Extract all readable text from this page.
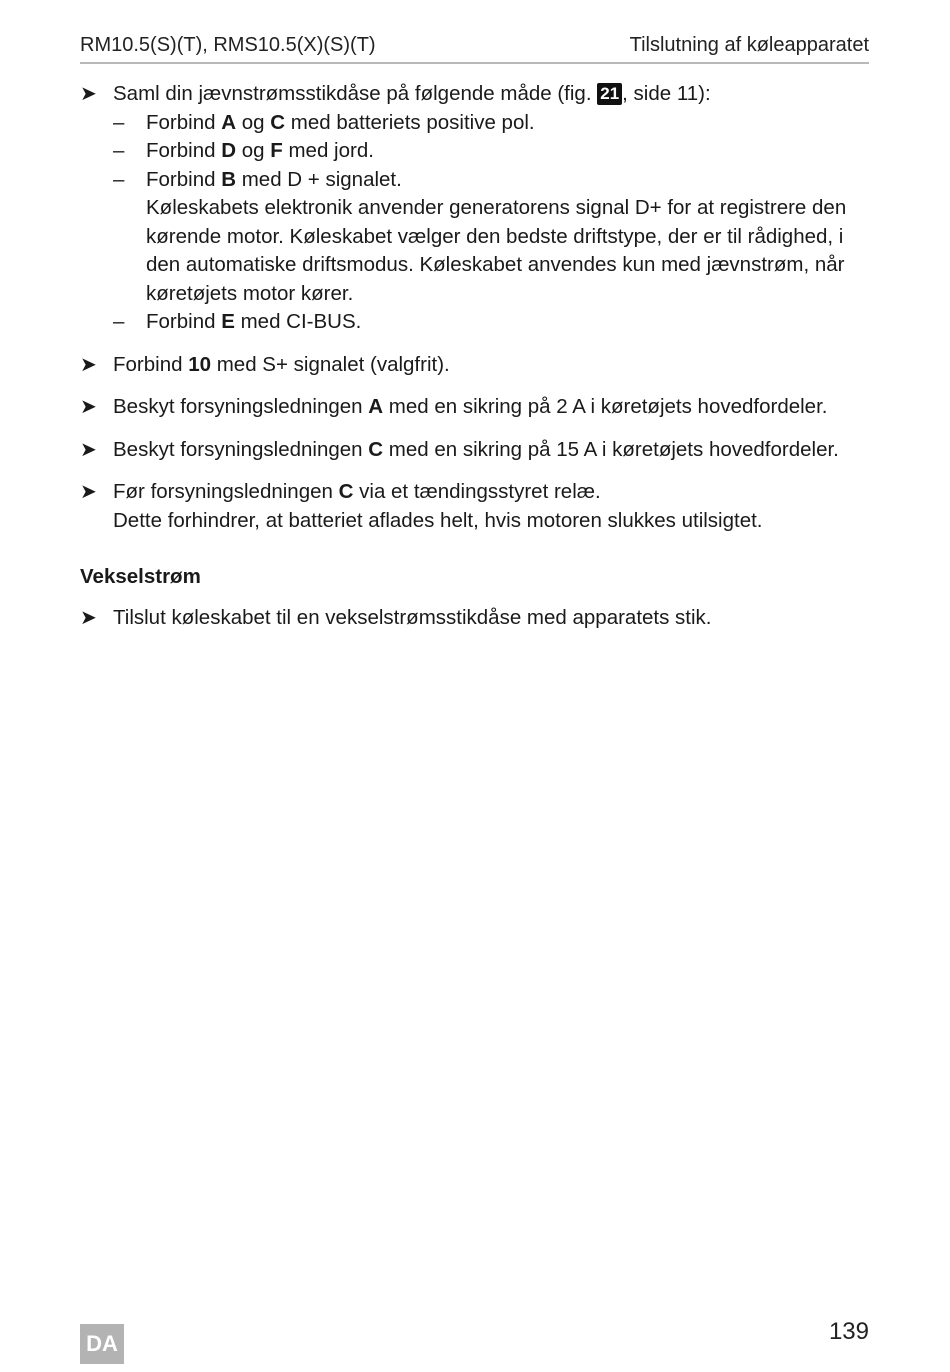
RM10.5(S)(T), RMS10.5(X)(S)(T)	Tilslutning af køleapparatet
➤ Saml din jævnstrømsstikdåse på følgende måde (fig. 21 , side 11):
– Forbind A og C med batteriets positive pol.
– Forbind D og F med jord.
– Forbind B med D + signalet.
Køleskabets elektronik anvender generatorens signal D+ for at registrere den kørende motor. Køleskabet vælger den bedste driftstype, der er til rådighed, i den automatiske driftsmodus. Køleskabet anvendes kun med jævnstrøm, når køretøjets motor kører.
– Forbind E med CI-BUS.
➤ Forbind 10 med S+ signalet (valgfrit).
➤ Beskyt forsyningsledningen A med en sikring på 2 A i køretøjets hovedfordeler.
➤ Beskyt forsyningsledningen C med en sikring på 15 A i køretøjets hovedfordeler.
➤ Før forsyningsledningen C via et tændingsstyret relæ.
Dette forhindrer, at batteriet aflades helt, hvis motoren slukkes utilsigtet.
Vekselstrøm
➤ Tilslut køleskabet til en vekselstrømsstikdåse med apparatets stik.
DA	139
